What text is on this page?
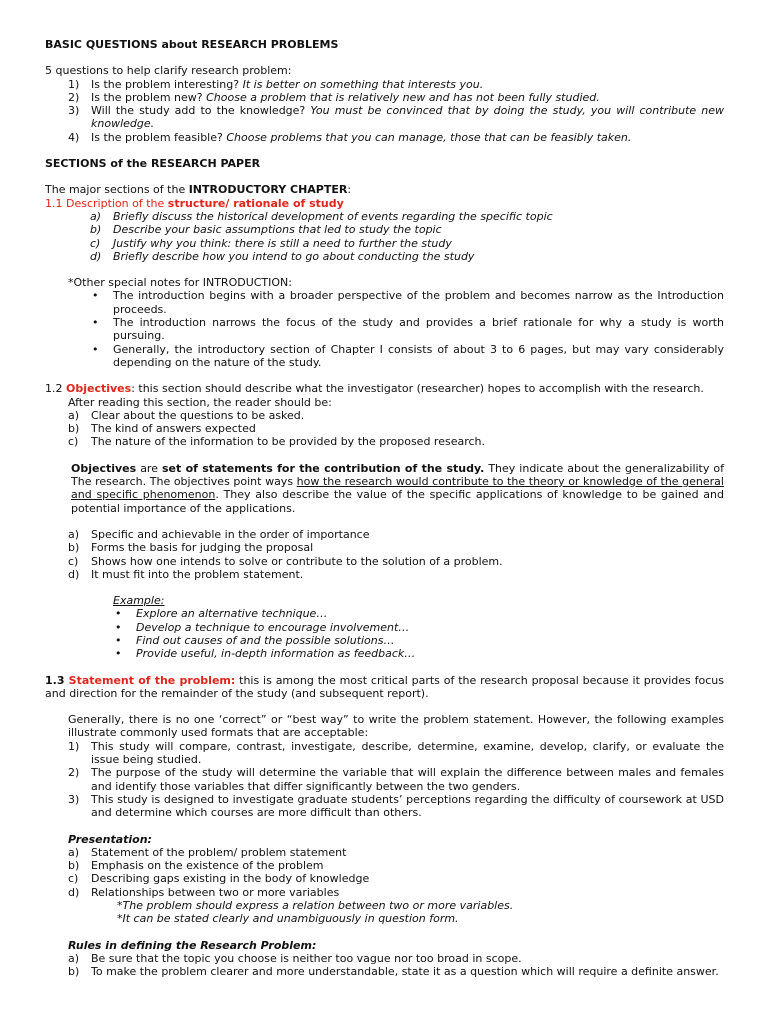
BASIC QUESTIONS about RESEARCH PROBLEMS

5 questions to help clarify research problem:

1) Is the problem interesting? It is better on something that interests you.
2) Is the problem new? Choose a problem that is relatively new and has not been fully studied.
3) Will the study add to the knowledge? You must be convinced that by doing the study, you will contribute new knowledge.
4) Is the problem feasible? Choose problems that you can manage, those that can be feasibly taken.

SECTIONS of the RESEARCH PAPER

The major sections of the INTRODUCTORY CHAPTER:

1.1 Description of the structure/ rationale of study

a) Briefly discuss the historical development of events regarding the specific topic
b) Describe your basic assumptions that led to study the topic
c) Justify why you think: there is still a need to further the study
d) Briefly describe how you intend to go about conducting the study

*Other special notes for INTRODUCTION:

• The introduction begins with a broader perspective of the problem and becomes narrow as the Introduction proceeds.
• The introduction narrows the focus of the study and provides a brief rationale for why a study is worth pursuing.
• Generally, the introductory section of Chapter I consists of about 3 to 6 pages, but may vary considerably depending on the nature of the study.

1.2 Objectives: this section should describe what the investigator (researcher) hopes to accomplish with the research.

After reading this section, the reader should be:

a) Clear about the questions to be asked.
b) The kind of answers expected
c) The nature of the information to be provided by the proposed research.

Objectives are set of statements for the contribution of the study. They indicate about the generalizability of The research. The objectives point ways how the research would contribute to the theory or knowledge of the general and specific phenomenon. They also describe the value of the specific applications of knowledge to be gained and potential importance of the applications.

a) Specific and achievable in the order of importance
b) Forms the basis for judging the proposal
c) Shows how one intends to solve or contribute to the solution of a problem.
d) It must fit into the problem statement.

Example:

• Explore an alternative technique…
• Develop a technique to encourage involvement…
• Find out causes of and the possible solutions…
• Provide useful, in-depth information as feedback…

1.3 Statement of the problem: this is among the most critical parts of the research proposal because it provides focus and direction for the remainder of the study (and subsequent report).

Generally, there is no one ‘correct” or “best way” to write the problem statement. However, the following examples illustrate commonly used formats that are acceptable:

1) This study will compare, contrast, investigate, describe, determine, examine, develop, clarify, or evaluate the issue being studied.
2) The purpose of the study will determine the variable that will explain the difference between males and females and identify those variables that differ significantly between the two genders.
3) This study is designed to investigate graduate students’ perceptions regarding the difficulty of coursework at USD and determine which courses are more difficult than others.

Presentation:

a) Statement of the problem/ problem statement
b) Emphasis on the existence of the problem
c) Describing gaps existing in the body of knowledge
d) Relationships between two or more variables

*The problem should express a relation between two or more variables.

*It can be stated clearly and unambiguously in question form.

Rules in defining the Research Problem:

a) Be sure that the topic you choose is neither too vague nor too broad in scope.
b) To make the problem clearer and more understandable, state it as a question which will require a definite answer.
